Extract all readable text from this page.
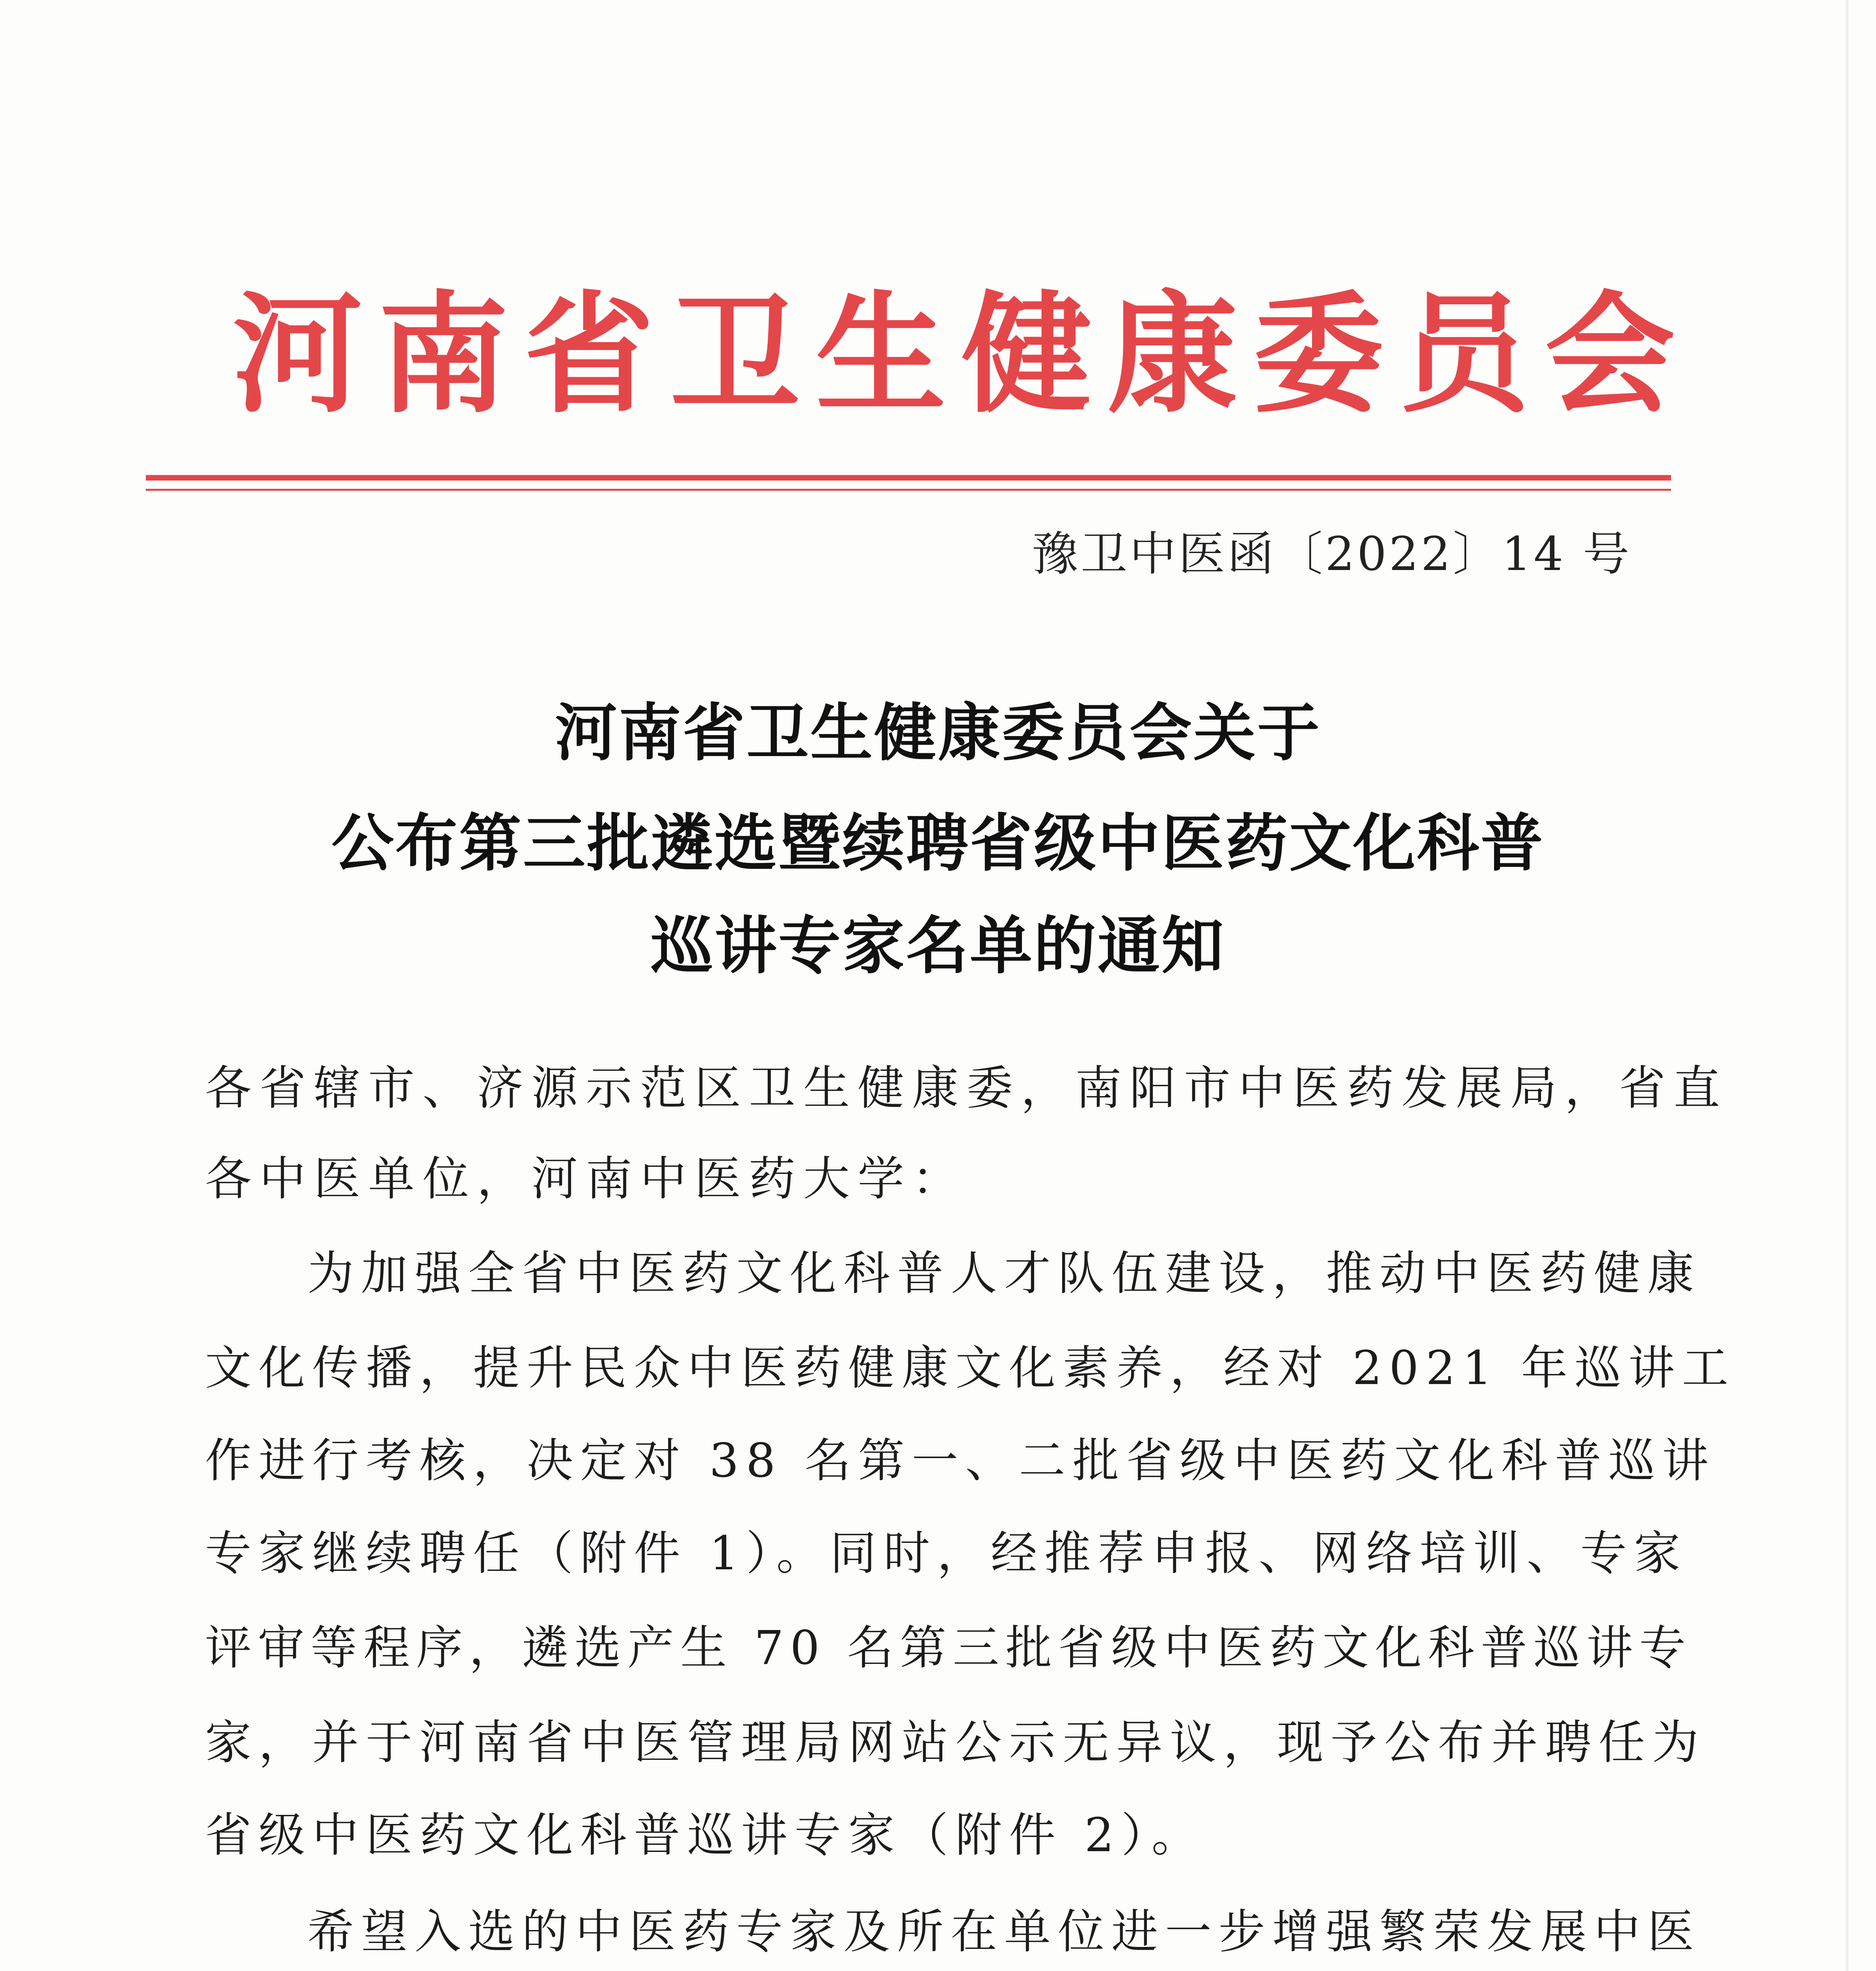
河南省卫生健康委员会
豫卫中医函〔2022〕14 号
河南省卫生健康委员会关于
公布第三批遴选暨续聘省级中医药文化科普
巡讲专家名单的通知
各省辖市、济源示范区卫生健康委，南阳市中医药发展局，省直
各中医单位，河南中医药大学：
为加强全省中医药文化科普人才队伍建设，推动中医药健康
文化传播，提升民众中医药健康文化素养，经对 2021 年巡讲工
作进行考核，决定对 38 名第一、二批省级中医药文化科普巡讲
专家继续聘任（附件 1）。同时，经推荐申报、网络培训、专家
评审等程序，遴选产生 70 名第三批省级中医药文化科普巡讲专
家，并于河南省中医管理局网站公示无异议，现予公布并聘任为
省级中医药文化科普巡讲专家（附件 2）。
希望入选的中医药专家及所在单位进一步增强繁荣发展中医
